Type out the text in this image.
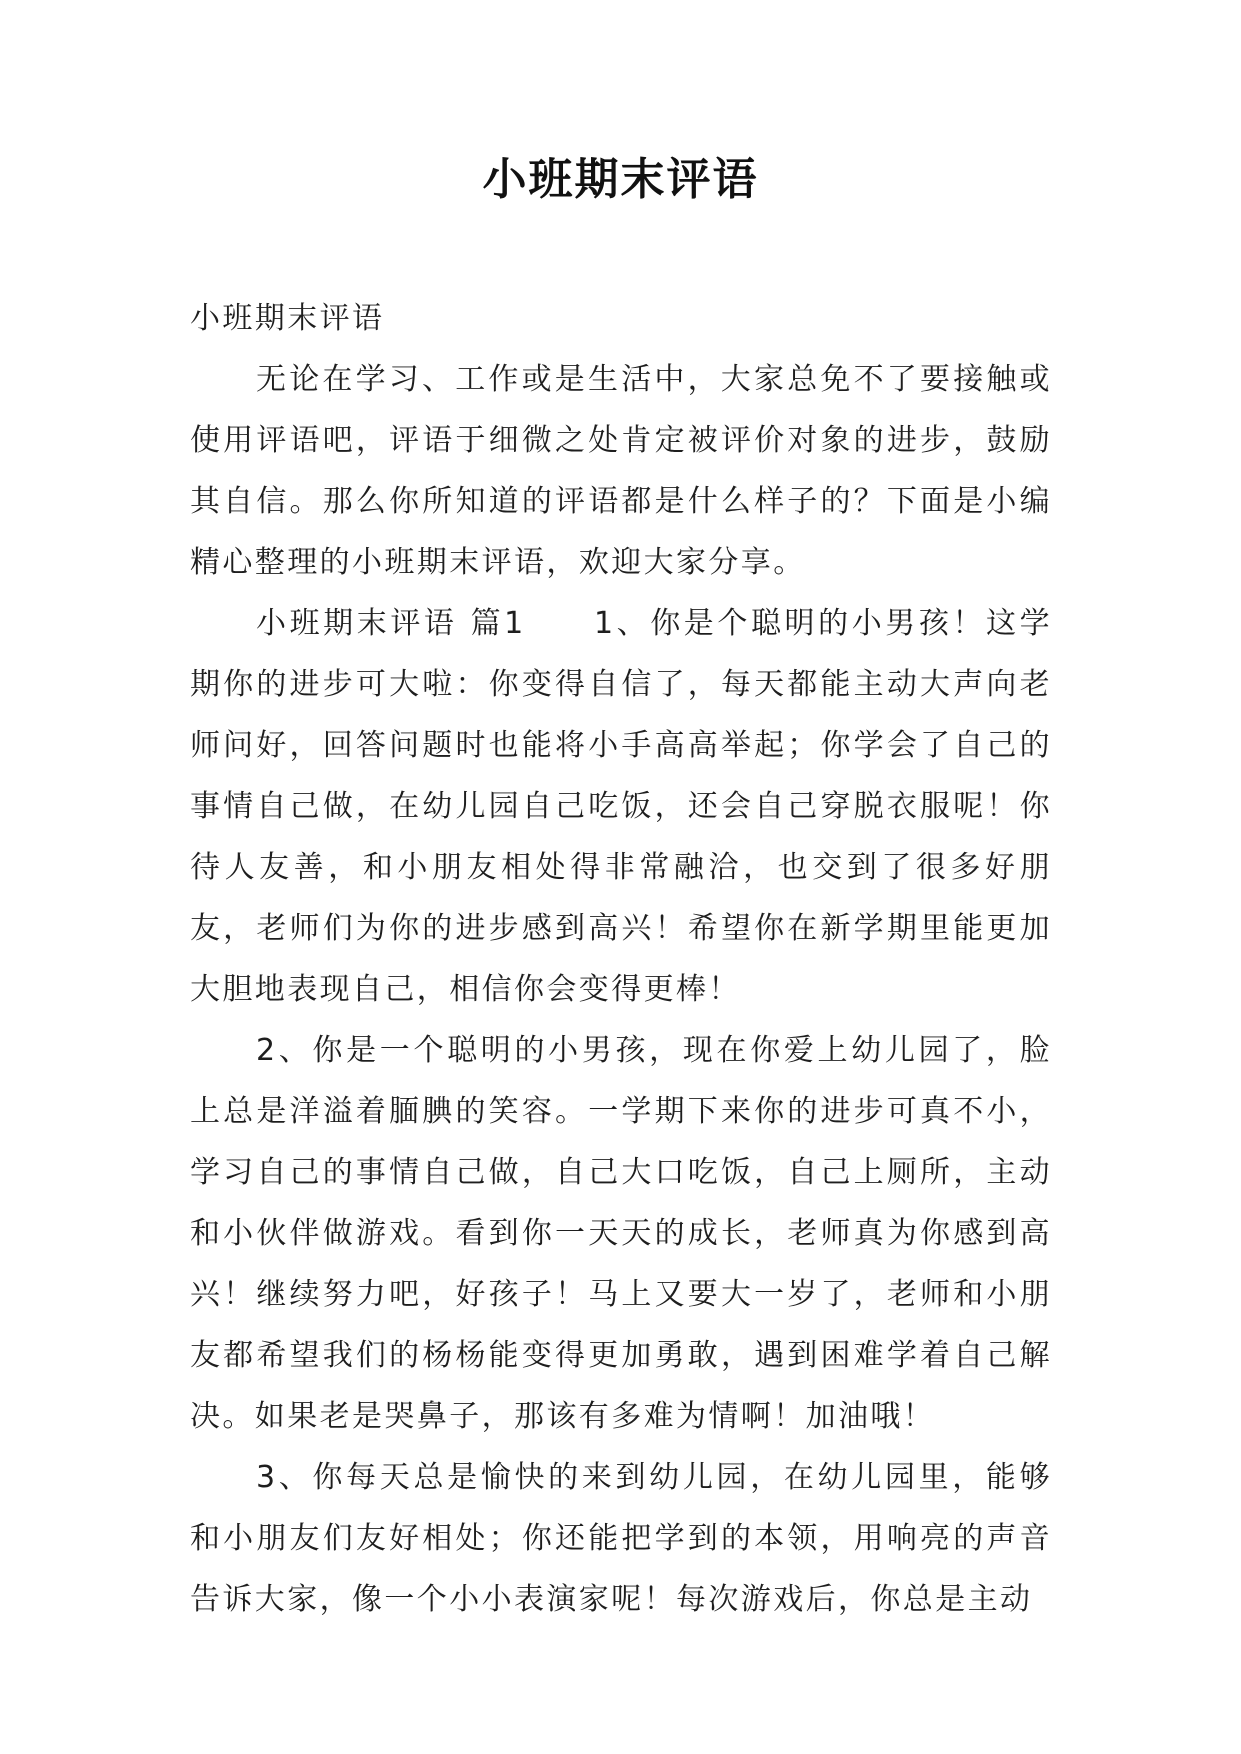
小班期末评语

小班期末评语

无论在学习、工作或是生活中，大家总免不了要接触或使用评语吧，评语于细微之处肯定被评价对象的进步，鼓励其自信。那么你所知道的评语都是什么样子的？下面是小编精心整理的小班期末评语，欢迎大家分享。

小班期末评语 篇1　　1、你是个聪明的小男孩！这学期你的进步可大啦：你变得自信了，每天都能主动大声向老师问好，回答问题时也能将小手高高举起；你学会了自己的事情自己做，在幼儿园自己吃饭，还会自己穿脱衣服呢！你待人友善，和小朋友相处得非常融洽，也交到了很多好朋友，老师们为你的进步感到高兴！希望你在新学期里能更加大胆地表现自己，相信你会变得更棒！

2、你是一个聪明的小男孩，现在你爱上幼儿园了，脸上总是洋溢着腼腆的笑容。一学期下来你的进步可真不小，学习自己的事情自己做，自己大口吃饭，自己上厕所，主动和小伙伴做游戏。看到你一天天的成长，老师真为你感到高兴！继续努力吧，好孩子！马上又要大一岁了，老师和小朋友都希望我们的杨杨能变得更加勇敢，遇到困难学着自己解决。如果老是哭鼻子，那该有多难为情啊！加油哦！

3、你每天总是愉快的来到幼儿园，在幼儿园里，能够和小朋友们友好相处；你还能把学到的本领，用响亮的声音告诉大家，像一个小小表演家呢！每次游戏后，你总是主动
